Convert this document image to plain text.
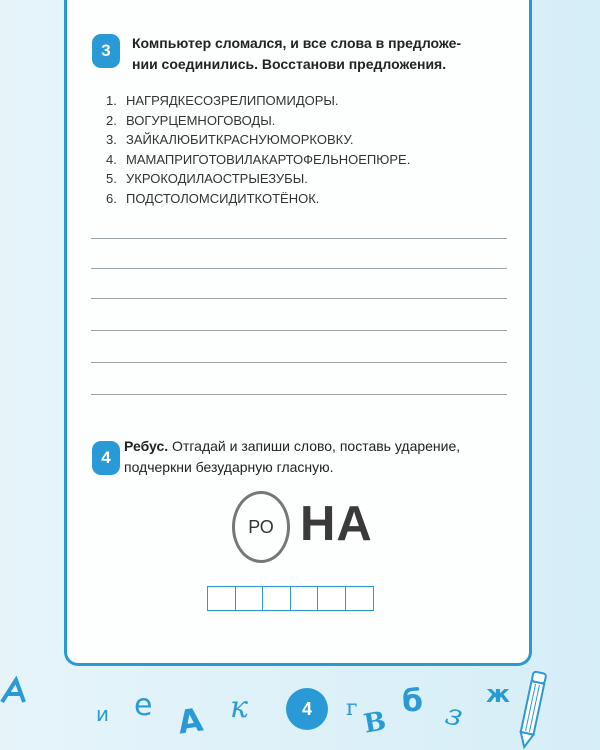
3	Компьютер сломался, и все слова в предложе-
нии соединились. Восстанови предложения.
1. НАГРЯДКЕСОЗРЕЛИПОМИДОРЫ.
2. ВОГУРЦЕМНОГОВОДЫ.
3. ЗАЙКАЛЮБИТКРАСНУЮМОРКОВКУ.
4. МАМАПРИГОТОВИЛАКАРТОФЕЛЬНОЕПЮРЕ.
5. УКРОКОДИЛАОСТРЫЕЗУБЫ.
6. ПОДСТОЛОМСИДИТКОТЁНОК.
4
Ребус. Отгадай и запиши слово, поставь ударение,
подчеркни безударную гласную.
РО НА
и е А к	г В
б з
ж
4
